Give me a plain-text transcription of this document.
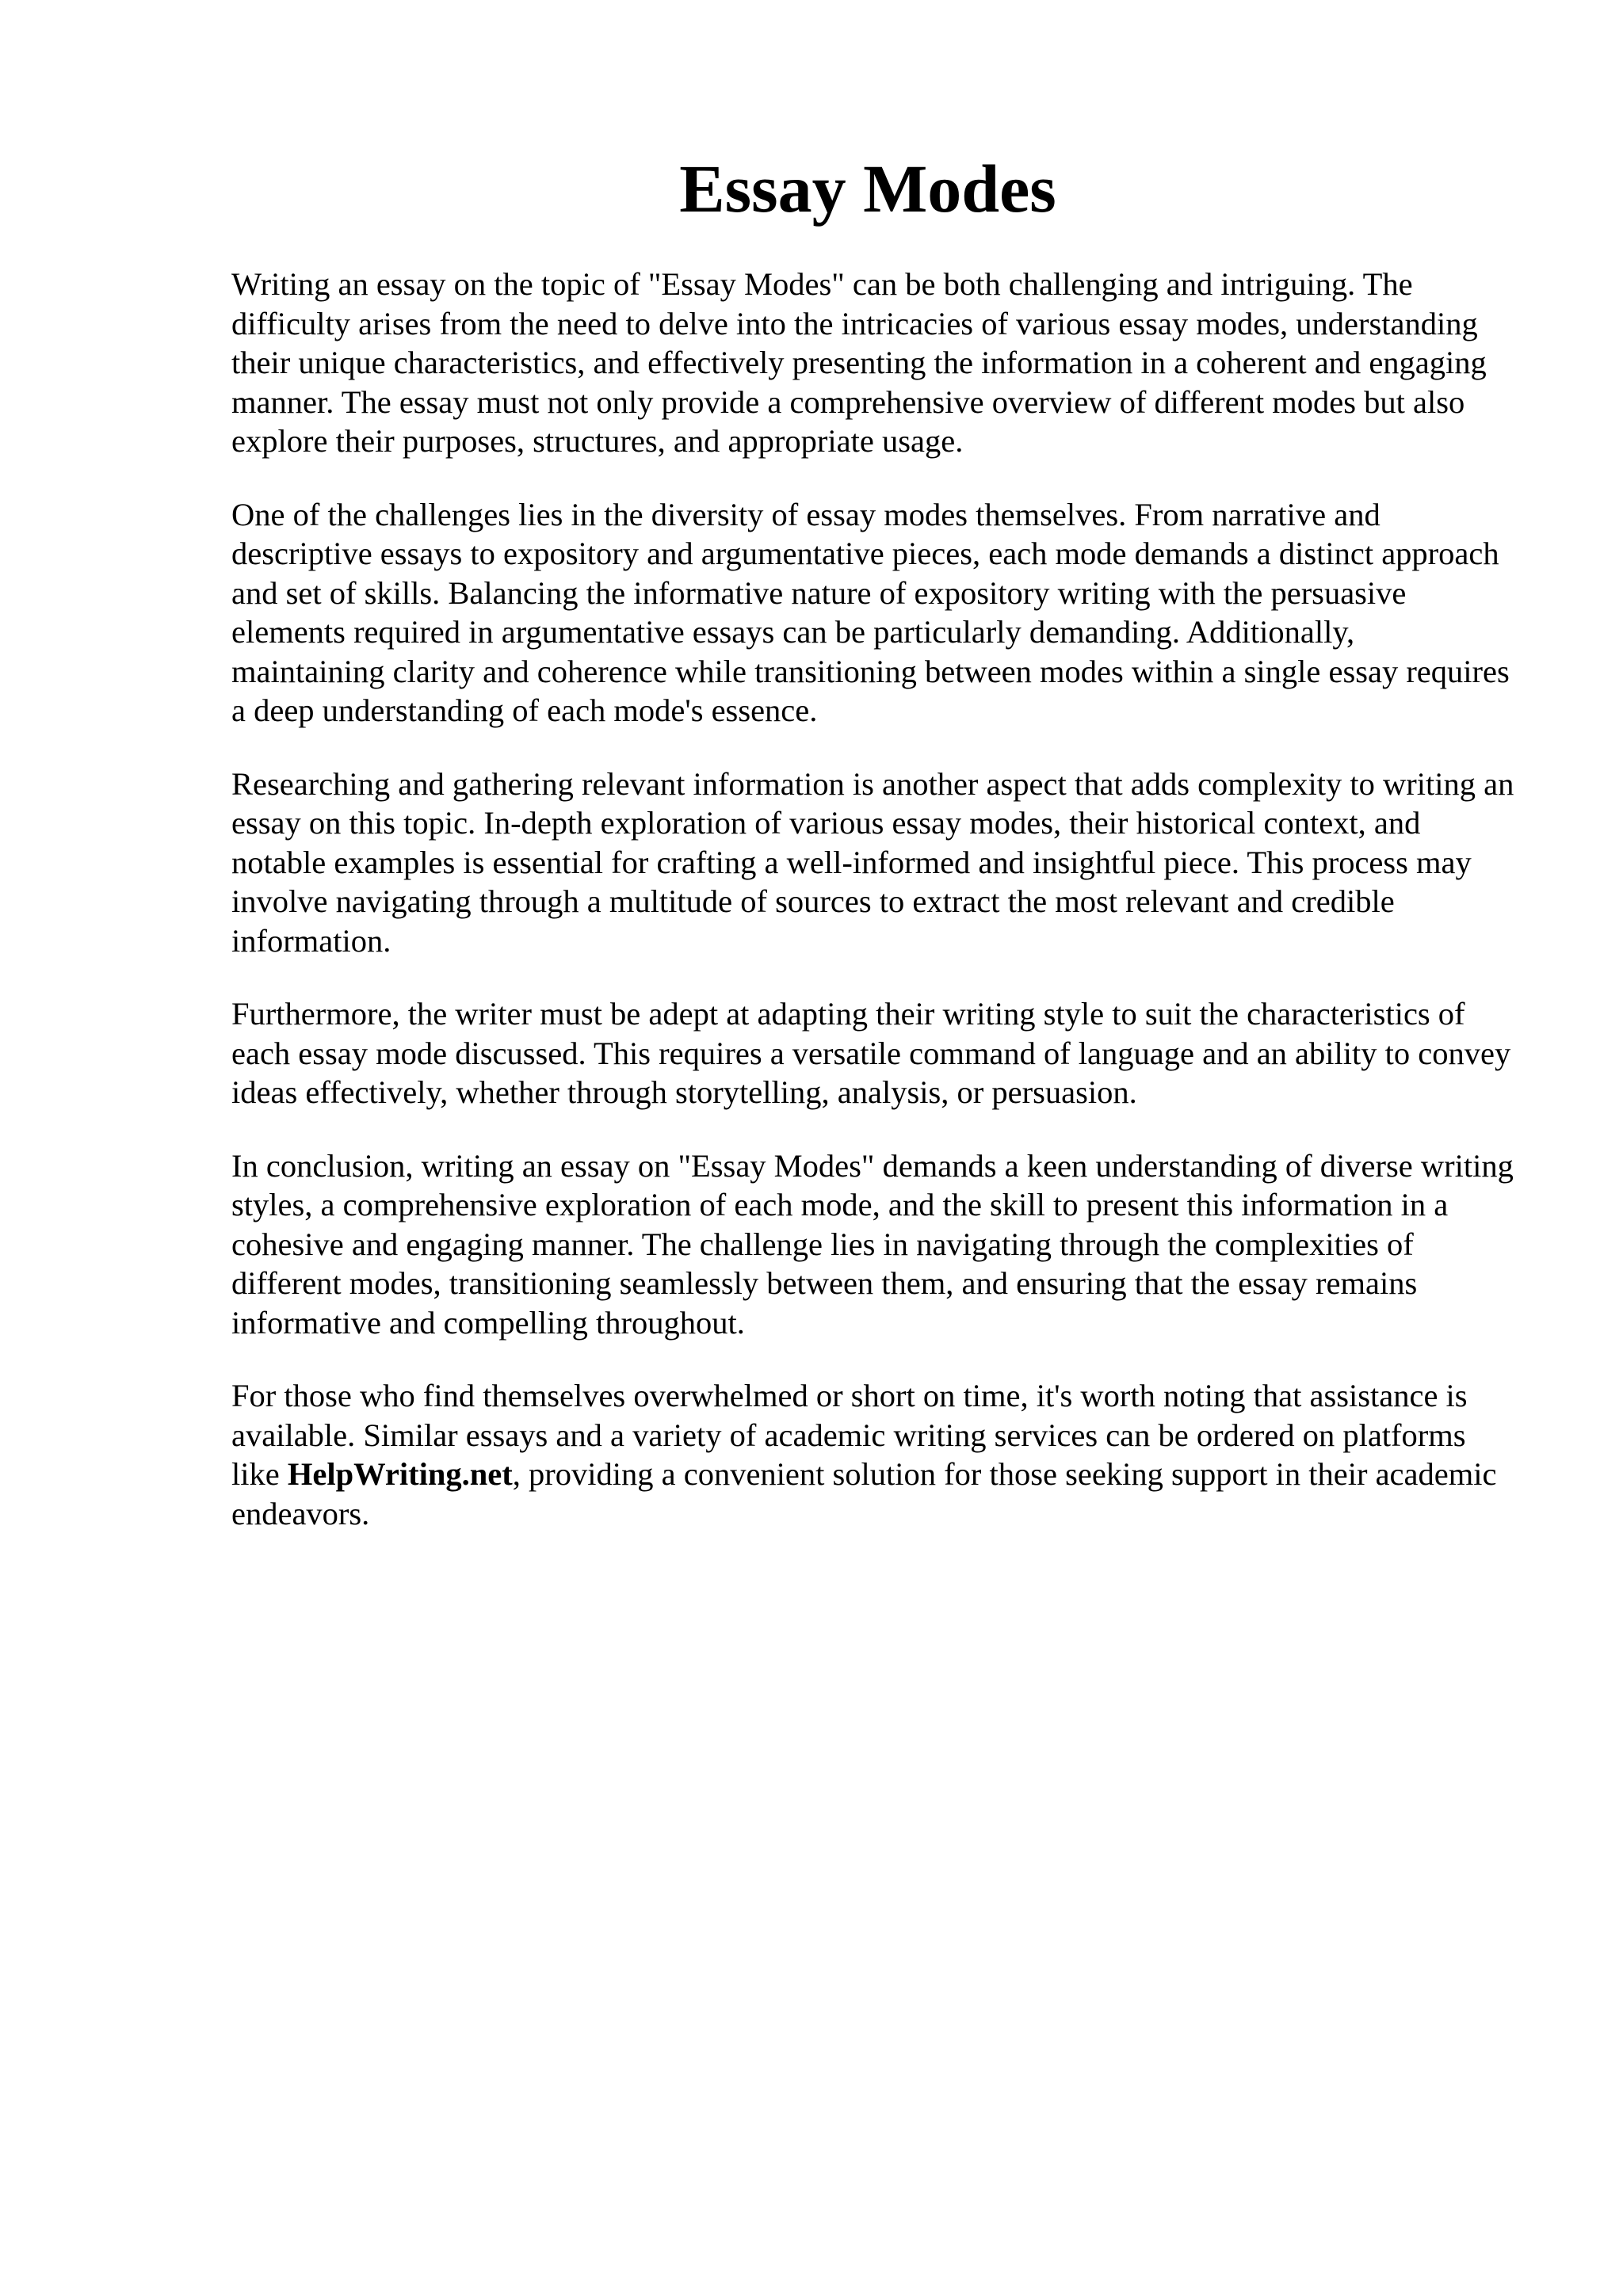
Essay Modes

Writing an essay on the topic of "Essay Modes" can be both challenging and intriguing. The difficulty arises from the need to delve into the intricacies of various essay modes, understanding their unique characteristics, and effectively presenting the information in a coherent and engaging manner. The essay must not only provide a comprehensive overview of different modes but also explore their purposes, structures, and appropriate usage.

One of the challenges lies in the diversity of essay modes themselves. From narrative and descriptive essays to expository and argumentative pieces, each mode demands a distinct approach and set of skills. Balancing the informative nature of expository writing with the persuasive elements required in argumentative essays can be particularly demanding. Additionally, maintaining clarity and coherence while transitioning between modes within a single essay requires a deep understanding of each mode's essence.

Researching and gathering relevant information is another aspect that adds complexity to writing an essay on this topic. In-depth exploration of various essay modes, their historical context, and notable examples is essential for crafting a well-informed and insightful piece. This process may involve navigating through a multitude of sources to extract the most relevant and credible information.

Furthermore, the writer must be adept at adapting their writing style to suit the characteristics of each essay mode discussed. This requires a versatile command of language and an ability to convey ideas effectively, whether through storytelling, analysis, or persuasion.

In conclusion, writing an essay on "Essay Modes" demands a keen understanding of diverse writing styles, a comprehensive exploration of each mode, and the skill to present this information in a cohesive and engaging manner. The challenge lies in navigating through the complexities of different modes, transitioning seamlessly between them, and ensuring that the essay remains informative and compelling throughout.

For those who find themselves overwhelmed or short on time, it's worth noting that assistance is available. Similar essays and a variety of academic writing services can be ordered on platforms like HelpWriting.net, providing a convenient solution for those seeking support in their academic endeavors.
